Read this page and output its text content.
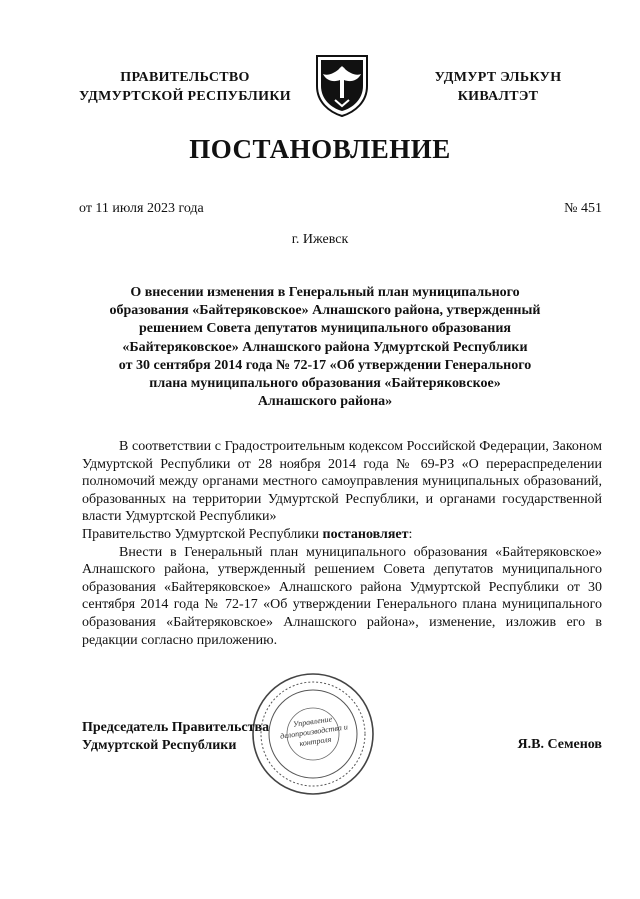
ПРАВИТЕЛЬСТВО
УДМУРТСКОЙ РЕСПУБЛИКИ
УДМУРТ ЭЛЬКУН
КИВАЛТЭТ
ПОСТАНОВЛЕНИЕ
от 11 июля 2023 года	№ 451
г. Ижевск
О внесении изменения в Генеральный план муниципального
образования «Байтеряковское» Алнашского района, утвержденный
решением Совета депутатов муниципального образования
«Байтеряковское» Алнашского района Удмуртской Республики
от 30 сентября 2014 года № 72-17 «Об утверждении Генерального
плана муниципального образования «Байтеряковское»
Алнашского района»

В соответствии с Градостроительным кодексом Российской Федерации, Законом Удмуртской Республики от 28 ноября 2014 года № 69-РЗ «О перераспределении полномочий между органами местного самоуправления муниципальных образований, образованных на территории Удмуртской Республики, и органами государственной власти Удмуртской Республики»

Правительство Удмуртской Республики постановляет:

Внести в Генеральный план муниципального образования «Байтеряковское» Алнашского района, утвержденный решением Совета депутатов муниципального образования «Байтеряковское» Алнашского района Удмуртской Республики от 30 сентября 2014 года № 72-17 «Об утверждении Генерального плана муниципального образования «Байтеряковское» Алнашского района», изменение, изложив его в редакции согласно приложению.

Управление делопроизводства и контроля
Председатель Правительства
Удмуртской Республики	Я.В. Семенов
